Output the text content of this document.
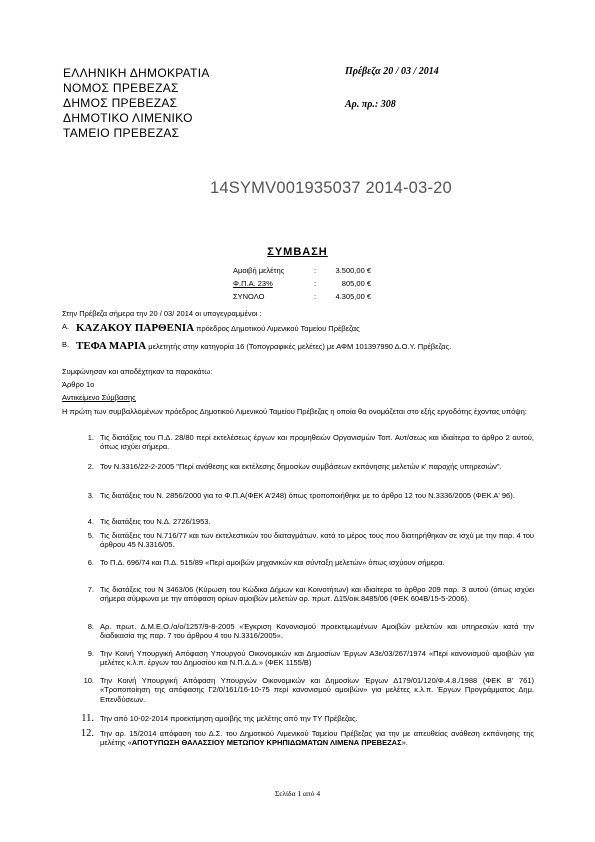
ΕΛΛΗΝΙΚΗ ΔΗΜΟΚΡΑΤΙΑ
ΝΟΜΟΣ ΠΡΕΒΕΖΑΣ
ΔΗΜΟΣ ΠΡΕΒΕΖΑΣ
ΔΗΜΟΤΙΚΟ ΛΙΜΕΝΙΚΟ
ΤΑΜΕΙΟ ΠΡΕΒΕΖΑΣ
Πρέβεζα 20 / 03 / 2014
Αρ. πρ.: 308
14SYMV001935037 2014-03-20
ΣΥΜΒΑΣΗ
Αμοιβή μελέτης	:	3.500,00 €
Φ.Π.Α. 23%	:	805,00 €
ΣΥΝΟΛΟ	:	4.305,00 €
Στην Πρέβεζα σήμερα την 20 / 03/ 2014 οι υπογεγραμμένοι :
Α. ΚΑΖΑΚΟΥ ΠΑΡΘΕΝΙΑ πρόεδρος Δημοτικού Λιμενικού Ταμείου Πρέβεζας
Β. ΤΕΦΑ ΜΑΡΙΑ μελετητής στην κατηγορία 16 (Τοπογραφικές μελέτες) με ΑΦΜ 101397990 Δ.Ο.Υ. Πρέβεζας.
Συμφώνησαν και αποδέχτηκαν τα παρακάτω:
Άρθρο 1ο
Αντικείμενο Σύμβασης

Η πρώτη των συμβαλλομένων πρόεδρος Δημοτικού Λιμενικού Ταμείου Πρέβεζας η οποία θα ονομάζεται στο εξής εργοδότης έχοντας υπόψη:

1. Τις διατάξεις του Π.Δ. 28/80 περί εκτελέσεως έργων και προμηθειών Οργανισμών Τοπ. Αυτ/σεως και ιδιαίτερα το άρθρο 2 αυτού, όπως ισχύει σήμερα.
2. Τον Ν.3316/22-2-2005 "Περί ανάθεσης και εκτέλεσης δημοσίων συμβάσεων εκπόνησης μελετών κ' παροχής υπηρεσιών".
3. Τις διατάξεις του Ν. 2856/2000 για το Φ.Π.Α(ΦΕΚ Α'248) όπως τροποποιήθηκε με το άρθρο 12 του Ν.3336/2005 (ΦΕΚ Α' 96).
4. Τις διατάξεις του Ν.Δ. 2726/1953.
5. Τις διατάξεις του Ν.716/77 και των εκτελεστικών του διαταγμάτων. κατά το μέρος τους που διατηρήθηκαν σε ισχύ με την παρ. 4 του άρθρου 45 Ν.3316/05.
6. Το Π.Δ. 696/74 και Π.Δ. 515/89 «Περί αμοιβών μηχανικών και σύνταξη μελετών» όπως ισχύουν σήμερα.
7. Τις διατάξεις του Ν 3463/06 (Κύρωση του Κώδικα Δήμων και Κοινοτήτων) και ιδιαίτερα το άρθρο 209 παρ. 3 αυτού (όπως ισχύει σήμερα σύμφωνα με την απόφαση ορίων αμοιβών μελετών αρ. πρωτ. Δ15/οικ.8485/06 (ΦΕΚ 604Β/15-5-2006).
8. Αρ. πρωτ. Δ.Μ.Ε.Ο./α/ο/1257/9-8-2005 «Έγκριση Κανονισμού προεκτιμωμένων Αμοιβών μελετών και υπηρεσιών κατά την διαδικασία της παρ. 7 του άρθρου 4 του Ν.3316/2005».
9. Την Κοινή Υπουργική Απόφαση Υπουργού Οικονομικών και Δημοσίων Έργων Α3ε/03/267/1974 «Περί κανονισμού αμοιβών για μελέτες κ.λ.π. έργων του Δημοσίου και Ν.Π.Δ.Δ.» (ΦΕΚ 1155/Β)
10. Την Κοινή Υπουργική Απόφαση Υπουργών Οικονομικών και Δημοσίων Έργων Δ179/01/120/Φ.4.8./1988 (ΦΕΚ Β' 761) «Τροποποίηση της απόφασης Γ2/0/161/16-10-75 περί κανονισμού αμοιβών» για μελέτες κ.λ.π. Έργων Προγράμματος Δημ. Επενδύσεων.
11. Την από 10-02-2014 προεκτίμηση αμοιβής της μελέτης από την ΤΥ Πρέβεζας.
12. Την αρ. 15/2014 απόφαση του Δ.Σ. του Δημοτικού Λιμενικού Ταμείου Πρέβεζας για την με απευθείας ανάθεση εκπόνησης της μελέτης «ΑΠΟΤΥΠΩΣΗ ΘΑΛΑΣΣΙΟΥ ΜΕΤΩΠΟΥ ΚΡΗΠΙΔΩΜΑΤΩΝ ΛΙΜΕΝΑ ΠΡΕΒΕΖΑΣ».
Σελίδα 1 από 4
